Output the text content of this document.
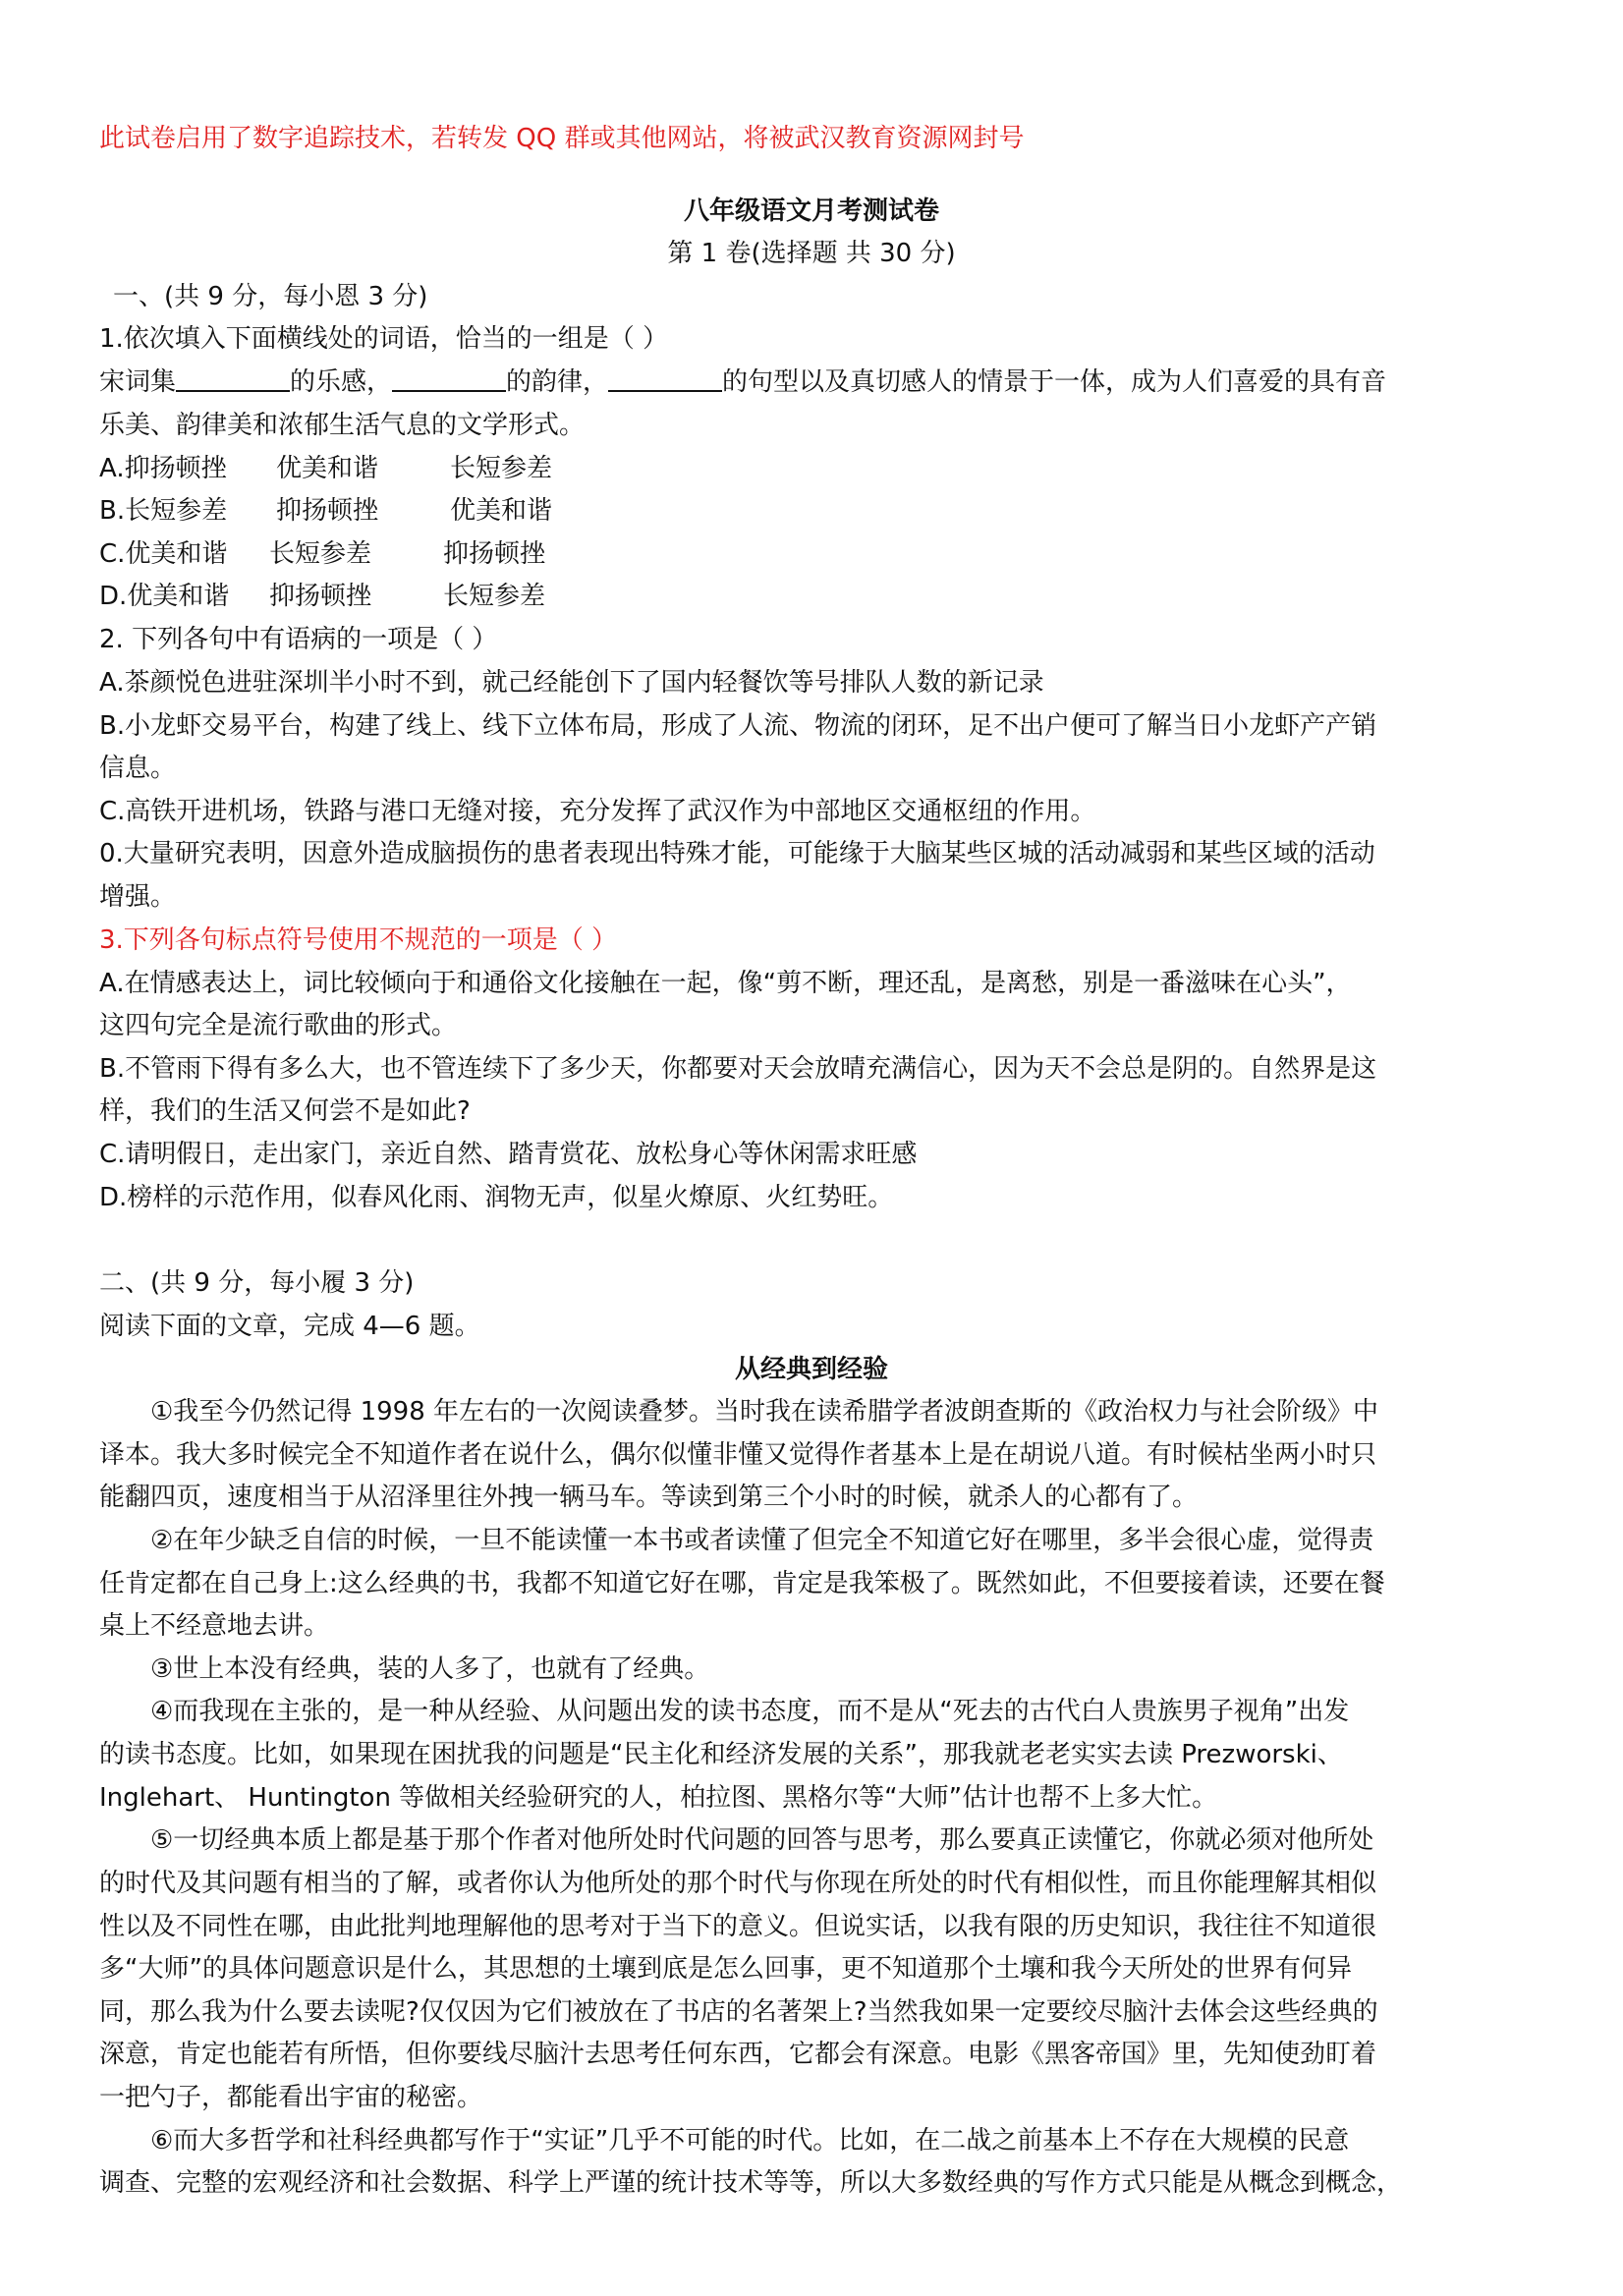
此试卷启用了数字追踪技术，若转发 QQ 群或其他网站，将被武汉教育资源网封号
八年级语文月考测试卷
第 1 卷(选择题 共 30 分)
一、(共 9 分，每小恩 3 分)
1.依次填入下面横线处的词语，恰当的一组是（ ）
宋词集	的乐感，	的韵律，	的句型以及真切感人的情景于一体，成为人们喜爱的具有音
乐美、韵律美和浓郁生活气息的文学形式。
A.抑扬顿挫 优美和谐	长短参差
B.长短参差 抑扬顿挫	优美和谐
C.优美和谐 长短参差	抑扬顿挫
D.优美和谐 抑扬顿挫	长短参差
2. 下列各句中有语病的一项是（ ）
A.茶颜悦色进驻深圳半小时不到，就己经能创下了国内轻餐饮等号排队人数的新记录
B.小龙虾交易平台，构建了线上、线下立体布局，形成了人流、物流的闭环，足不出户便可了解当日小龙虾产产销
信息。
C.高铁开进机场，铁路与港口无缝对接，充分发挥了武汉作为中部地区交通枢纽的作用。
0.大量研究表明，因意外造成脑损伤的患者表现出特殊才能，可能缘于大脑某些区城的活动减弱和某些区域的活动
增强。
3.下列各句标点符号使用不规范的一项是（ ）
A.在情感表达上，词比较倾向于和通俗文化接触在一起，像“剪不断，理还乱，是离愁，别是一番滋味在心头”，
这四句完全是流行歌曲的形式。
B.不管雨下得有多么大，也不管连续下了多少天，你都要对天会放晴充满信心，因为天不会总是阴的。自然界是这
样，我们的生活又何尝不是如此?
C.请明假日，走出家门，亲近自然、踏青赏花、放松身心等休闲需求旺感
D.榜样的示范作用，似春风化雨、润物无声，似星火燎原、火红势旺。
二、(共 9 分，每小履 3 分)
阅读下面的文章，完成 4—6 题。
从经典到经验
①我至今仍然记得 1998 年左右的一次阅读叠梦。当时我在读希腊学者波朗查斯的《政治权力与社会阶级》中
译本。我大多时候完全不知道作者在说什么，偶尔似懂非懂又觉得作者基本上是在胡说八道。有时候枯坐两小时只
能翻四页，速度相当于从沼泽里往外拽一辆马车。等读到第三个小时的时候，就杀人的心都有了。
②在年少缺乏自信的时候，一旦不能读懂一本书或者读懂了但完全不知道它好在哪里，多半会很心虚，觉得责
任肯定都在自己身上:这么经典的书，我都不知道它好在哪，肯定是我笨极了。既然如此，不但要接着读，还要在餐
桌上不经意地去讲。
③世上本没有经典，装的人多了，也就有了经典。
④而我现在主张的，是一种从经验、从问题出发的读书态度，而不是从“死去的古代白人贵族男子视角”出发
的读书态度。比如，如果现在困扰我的问题是“民主化和经济发展的关系”，那我就老老实实去读 Prezworski、
Inglehart、 Huntington 等做相关经验研究的人，柏拉图、黑格尔等“大师”估计也帮不上多大忙。
⑤一切经典本质上都是基于那个作者对他所处时代问题的回答与思考，那么要真正读懂它，你就必须对他所处
的时代及其问题有相当的了解，或者你认为他所处的那个时代与你现在所处的时代有相似性，而且你能理解其相似
性以及不同性在哪，由此批判地理解他的思考对于当下的意义。但说实话，以我有限的历史知识，我往往不知道很
多“大师”的具体问题意识是什么，其思想的土壤到底是怎么回事，更不知道那个土壤和我今天所处的世界有何异
同，那么我为什么要去读呢?仅仅因为它们被放在了书店的名著架上?当然我如果一定要绞尽脑汁去体会这些经典的
深意，肯定也能若有所悟，但你要线尽脑汁去思考任何东西，它都会有深意。电影《黑客帝国》里，先知使劲盯着
一把勺子，都能看出宇宙的秘密。
⑥而大多哲学和社科经典都写作于“实证”几乎不可能的时代。比如，在二战之前基本上不存在大规模的民意
调查、完整的宏观经济和社会数据、科学上严谨的统计技术等等，所以大多数经典的写作方式只能是从概念到概念，
